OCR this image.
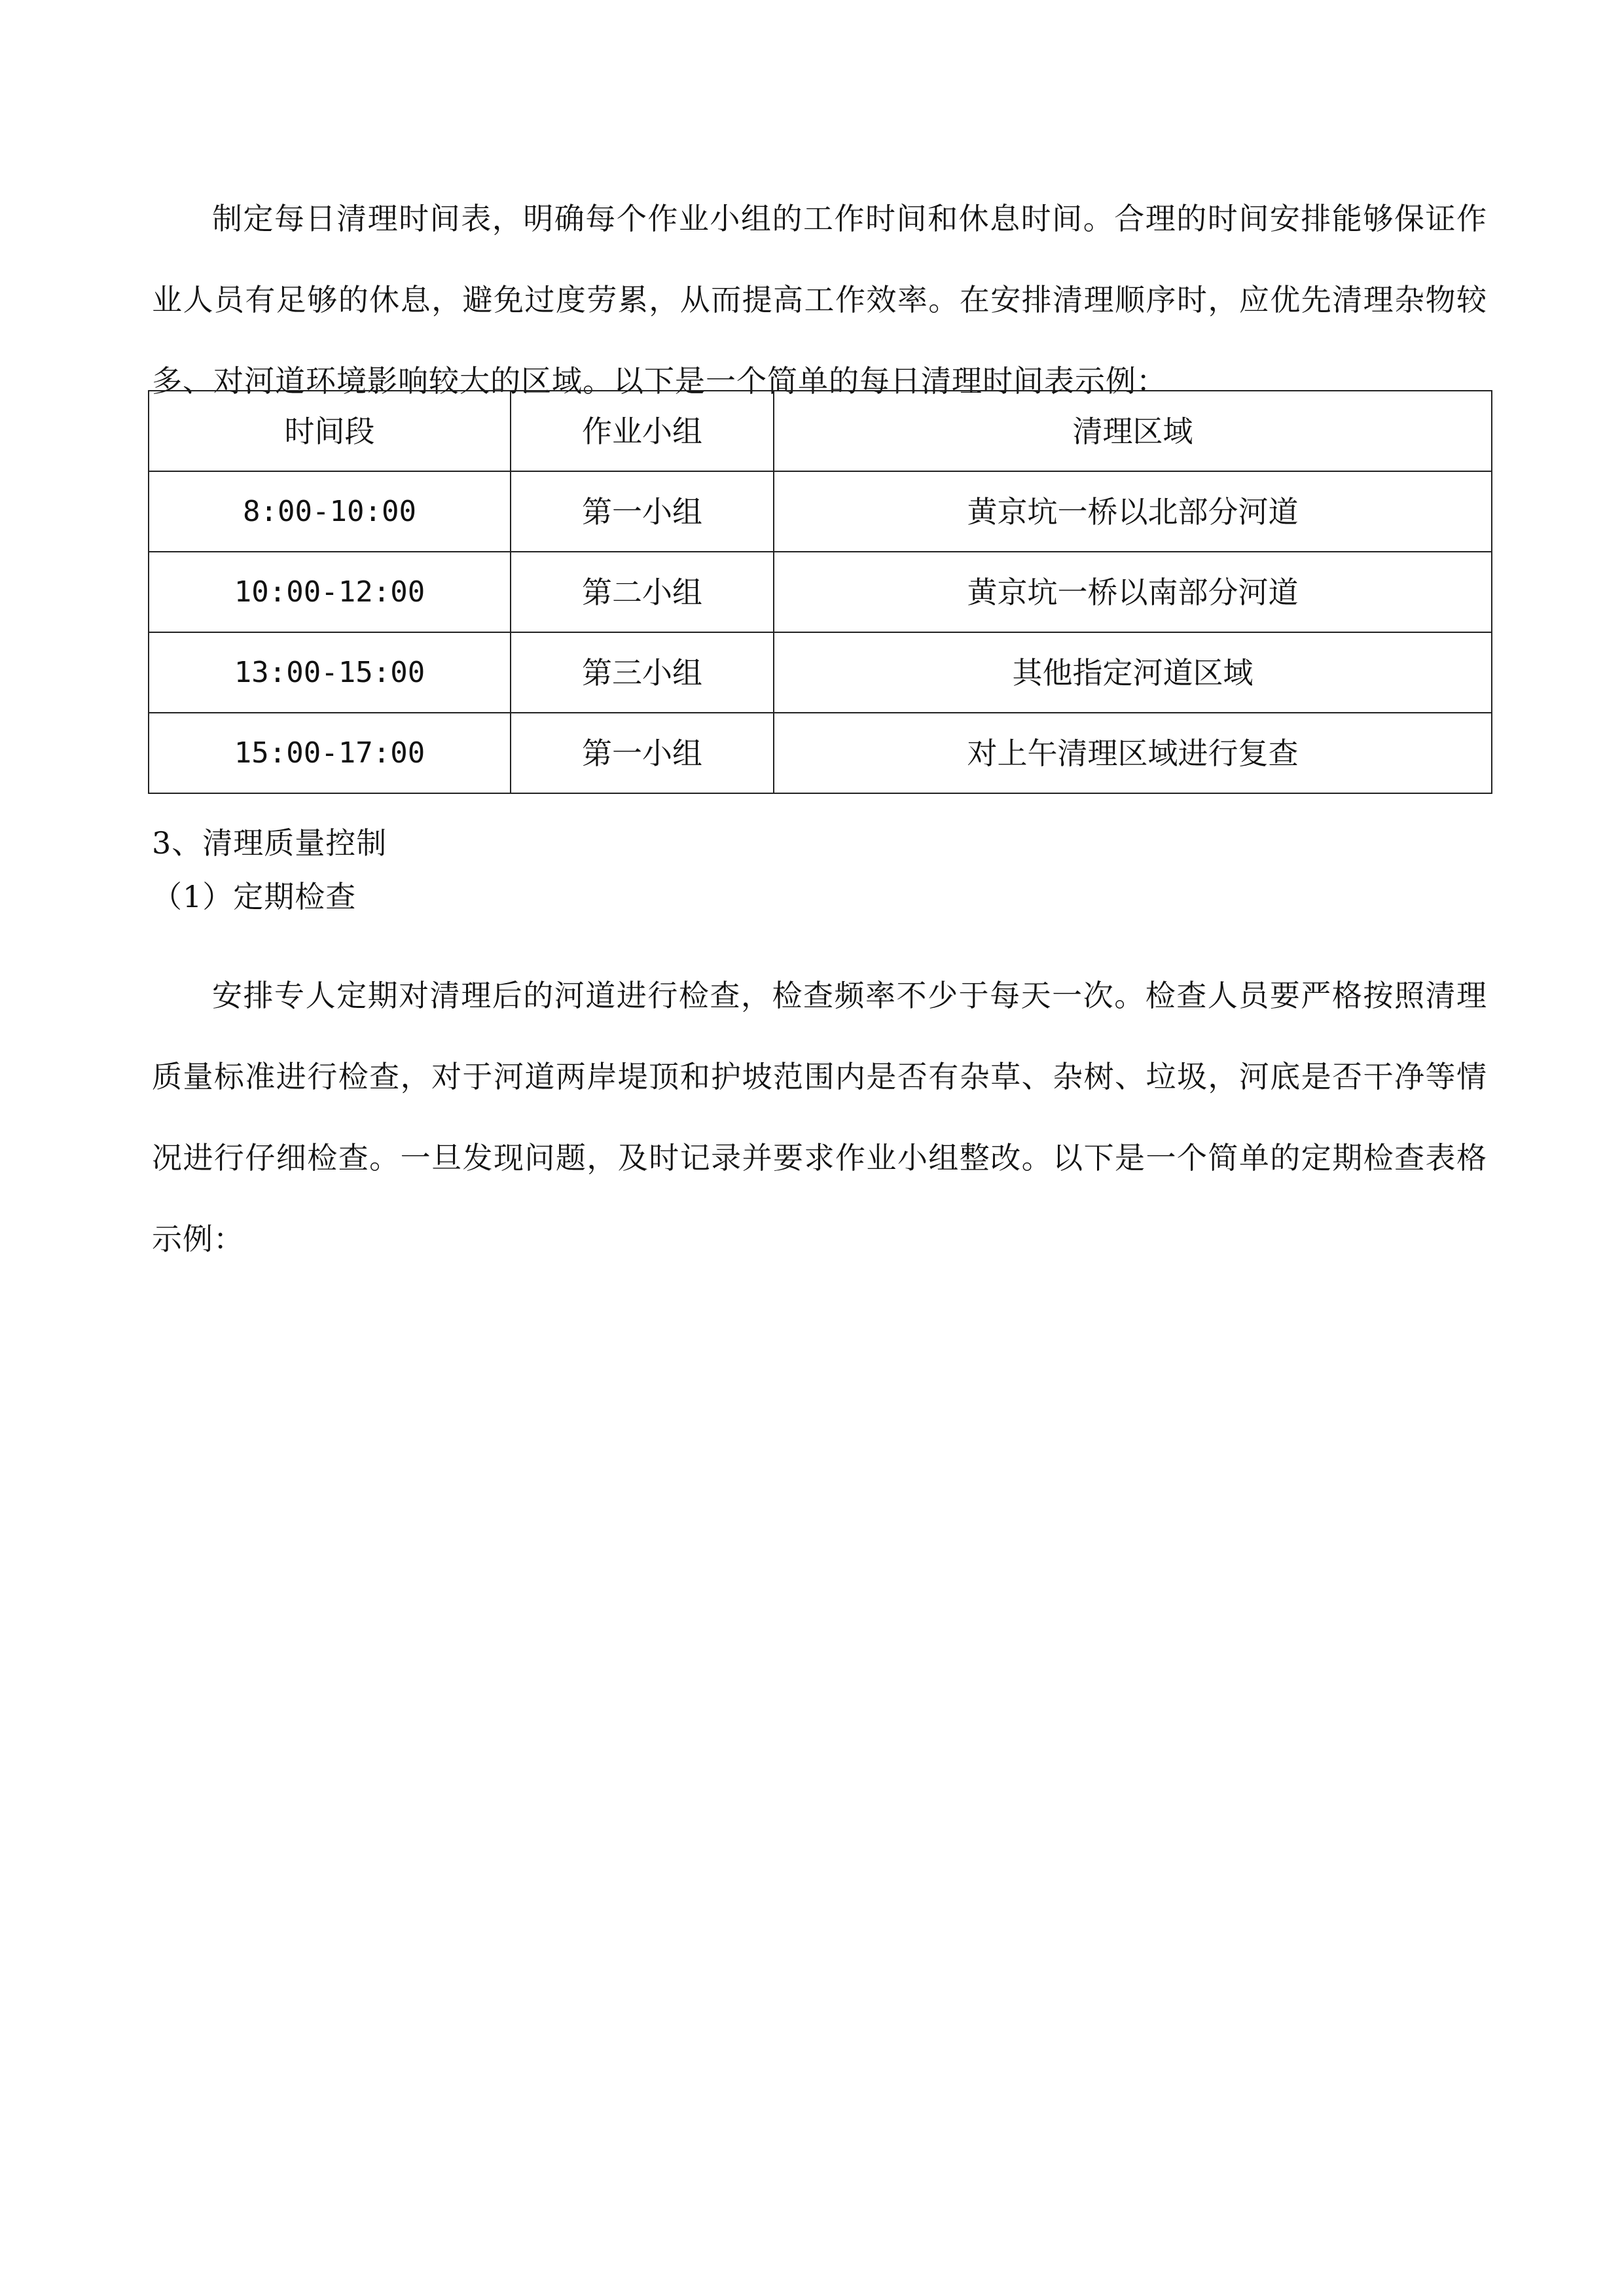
制定每日清理时间表，明确每个作业小组的工作时间和休息时间。合理的时间安排能够保证作业人员有足够的休息，避免过度劳累，从而提高工作效率。在安排清理顺序时，应优先清理杂物较多、对河道环境影响较大的区域。以下是一个简单的每日清理时间表示例：

时间段	作业小组	清理区域
8:00-10:00	第一小组	黄京坑一桥以北部分河道
10:00-12:00	第二小组	黄京坑一桥以南部分河道
13:00-15:00	第三小组	其他指定河道区域
15:00-17:00	第一小组	对上午清理区域进行复查

3、清理质量控制

（1）定期检查

安排专人定期对清理后的河道进行检查，检查频率不少于每天一次。检查人员要严格按照清理质量标准进行检查，对于河道两岸堤顶和护坡范围内是否有杂草、杂树、垃圾，河底是否干净等情况进行仔细检查。一旦发现问题，及时记录并要求作业小组整改。以下是一个简单的定期检查表格示例：
